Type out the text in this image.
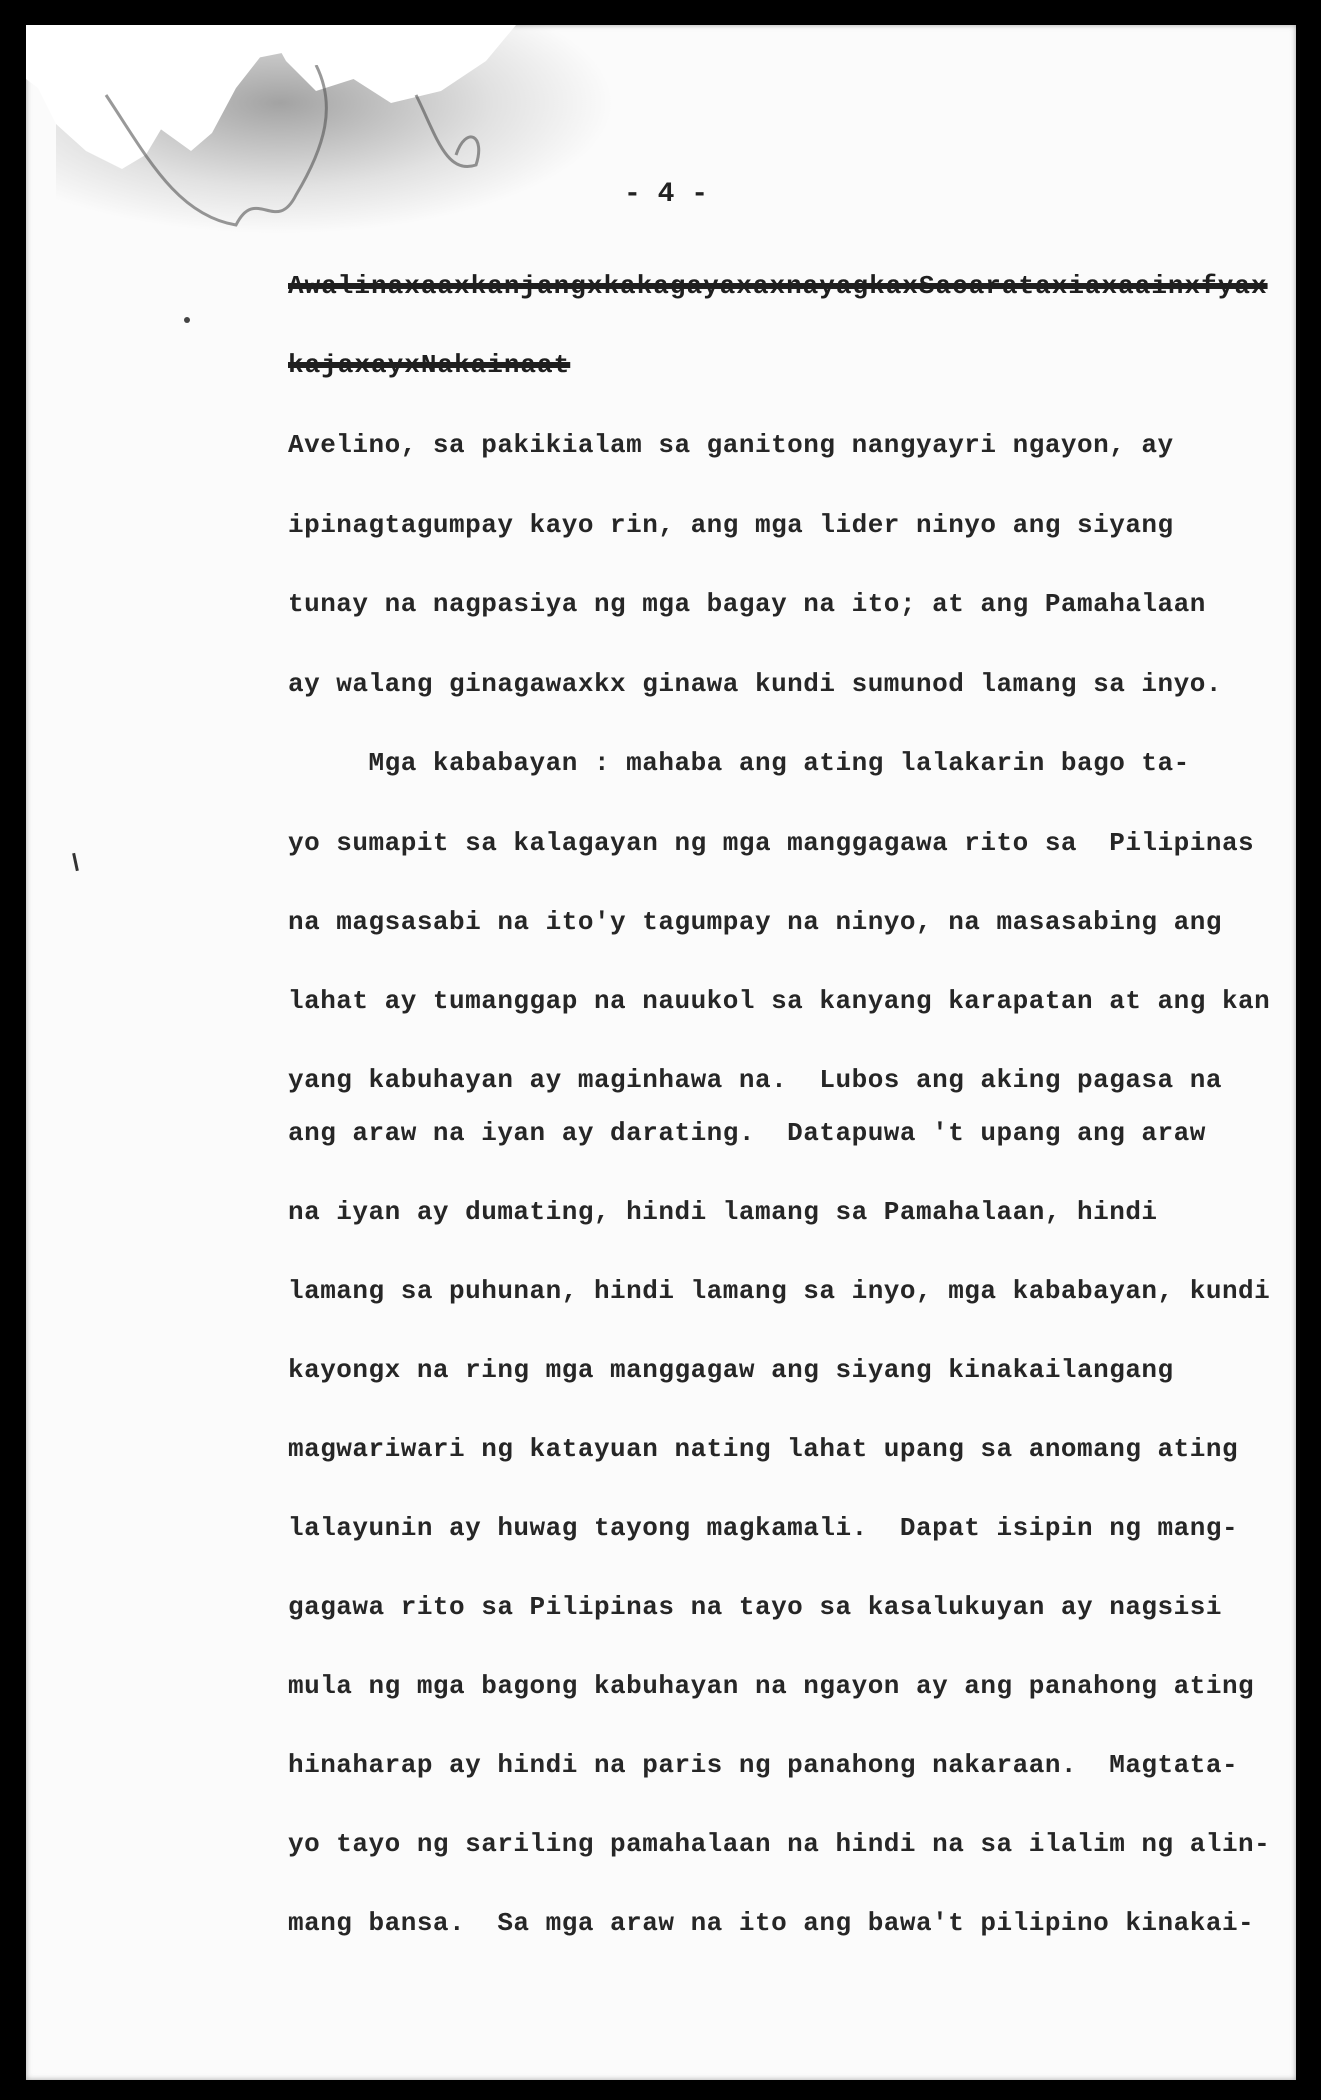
- 4 -

AwalinaxaaxkanjangxkakagayaxaxnayagkaxSacarataxiaxaainxfyax

kajaxayxNakainaat

Avelino, sa pakikialam sa ganitong nangyayri ngayon, ay

ipinagtagumpay kayo rin, ang mga lider ninyo ang siyang

tunay na nagpasiya ng mga bagay na ito; at ang Pamahalaan

ay walang ginagawaxkx ginawa kundi sumunod lamang sa inyo.

Mga kababayan : mahaba ang ating lalakarin bago ta-

yo sumapit sa kalagayan ng mga manggagawa rito sa  Pilipinas

na magsasabi na ito'y tagumpay na ninyo, na masasabing ang

lahat ay tumanggap na nauukol sa kanyang karapatan at ang kan

yang kabuhayan ay maginhawa na.  Lubos ang aking pagasa na

ang araw na iyan ay darating.  Datapuwa 't upang ang araw

na iyan ay dumating, hindi lamang sa Pamahalaan, hindi

lamang sa puhunan, hindi lamang sa inyo, mga kababayan, kundi

kayongx na ring mga manggagaw ang siyang kinakailangang

magwariwari ng katayuan nating lahat upang sa anomang ating

lalayunin ay huwag tayong magkamali.  Dapat isipin ng mang-

gagawa rito sa Pilipinas na tayo sa kasalukuyan ay nagsisi

mula ng mga bagong kabuhayan na ngayon ay ang panahong ating

hinaharap ay hindi na paris ng panahong nakaraan.  Magtata-

yo tayo ng sariling pamahalaan na hindi na sa ilalim ng alin-

mang bansa.  Sa mga araw na ito ang bawa't pilipino kinakai-
